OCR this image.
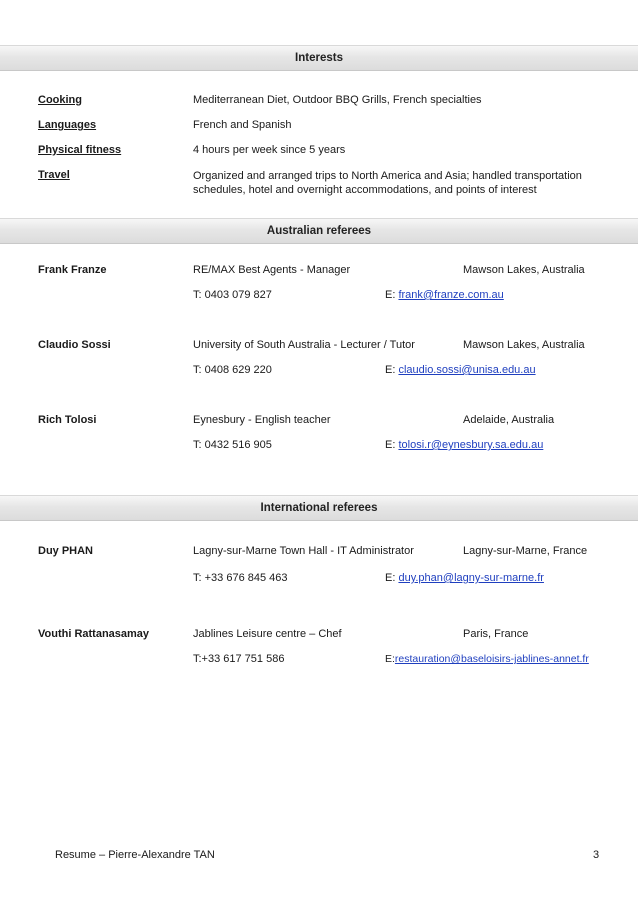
Interests
Cooking	Mediterranean Diet, Outdoor BBQ Grills, French specialties
Languages	French and Spanish
Physical fitness	4 hours per week since 5 years
Travel	Organized and arranged trips to North America and Asia; handled transportation schedules, hotel and overnight accommodations, and points of interest
Australian referees
Frank Franze	RE/MAX Best Agents - Manager	Mawson Lakes, Australia
T: 0403 079 827	E: frank@franze.com.au
Claudio Sossi	University of South Australia - Lecturer / Tutor	Mawson Lakes, Australia
T: 0408 629 220	E: claudio.sossi@unisa.edu.au
Rich Tolosi	Eynesbury - English teacher	Adelaide, Australia
T: 0432 516 905	E: tolosi.r@eynesbury.sa.edu.au
International referees
Duy PHAN	Lagny-sur-Marne Town Hall - IT Administrator	Lagny-sur-Marne, France
T: +33 676 845 463	E: duy.phan@lagny-sur-marne.fr
Vouthi Rattanasamay	Jablines Leisure centre – Chef	Paris, France
T:+33 617 751 586	E:restauration@baseloisirs-jablines-annet.fr
Resume – Pierre-Alexandre TAN	3
